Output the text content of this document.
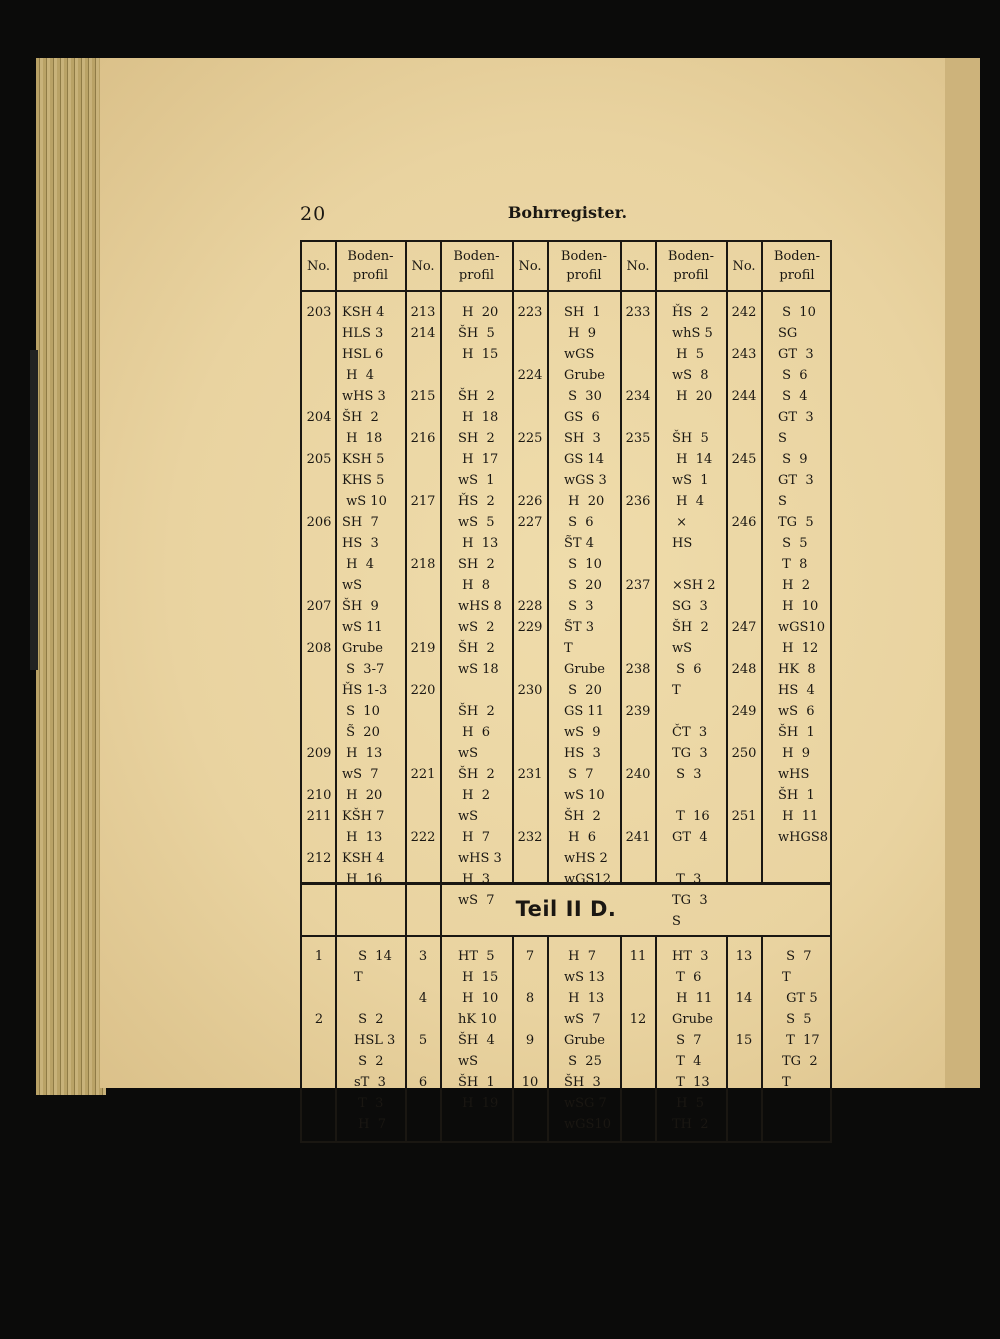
20	Bohrregister.
No.
Boden-
profil
No.
Boden-
profil
No.
Boden-
profil
No.
Boden-
profil
No.
Boden-
profil
203

204

205

206

207

208

209

210
211

212
KSH 4
HLS 3
HSL 6
H  4
wHS 3
ŠH  2
H  18
KSH 5
KHS 5
wS 10
SH  7
HS  3
H  4
wS
ŠH  9
wS 11
Grube
S  3-7
ȞS 1-3
S  10
S̃  20
H  13
wS  7
H  20
KŠH 7
H  13
KSH 4
H  16
213
214

215

216

217

218

219

220

221

222
H  20
ŠH  5
H  15

ŠH  2
H  18
SH  2
H  17
wS  1
ȞS  2
wS  5
H  13
SH  2
H  8
wHS 8
wS  2
ŠH  2
wS 18

ŠH  2
H  6
wS
ŠH  2
H  2
wS
H  7
wHS 3
H  3
wS  7
223

224

225

226
227

228
229

230

231

232
SH  1
H  9
wGS
Grube
S  30
GS  6
SH  3
GS 14
wGS 3
H  20
S  6
S̃T 4
S  10
S  20
S  3
S̃T 3
T
Grube
S  20
GS 11
wS  9
HS  3
S  7
wS 10
ŠH  2
H  6
wHS 2
wGS12
233

234

235

236

237

238

239

240

241
ȞS  2
whS 5
H  5
wS  8
H  20

ŠH  5
H  14
wS  1
H  4
×
HS

×SH 2
SG  3
ŠH  2
wS
S  6
T

ČT  3
TG  3
S  3

T  16
GT  4

T  3
TG  3
S
242

243

244

245

246

247

248

249

250

251
S  10
SG
GT  3
S  6
S  4
GT  3
S
S  9
GT  3
S
TG  5
S  5
T  8
H  2
H  10
wGS10
H  12
HK  8
HS  4
wS  6
ŠH  1
H  9
wHS
ŠH  1
H  11
wHGS8
Teil II D.
1

2
S  14
T

S  2
HSL 3
S  2
sT  3
T  3
H  7
3

4

5

6
HT  5
H  15
H  10
hK 10
ŠH  4
wS
ŠH  1
H  19
7

8

9

10
H  7
wS 13
H  13
wS  7
Grube
S  25
ŠH  3
wSG 7
wGS10
11

12
HT  3
T  6
H  11
Grube
S  7
T  4
T  13
H  5
TH  2
13

14

15
S  7
T
GT 5
S  5
T  17
TG  2
T
